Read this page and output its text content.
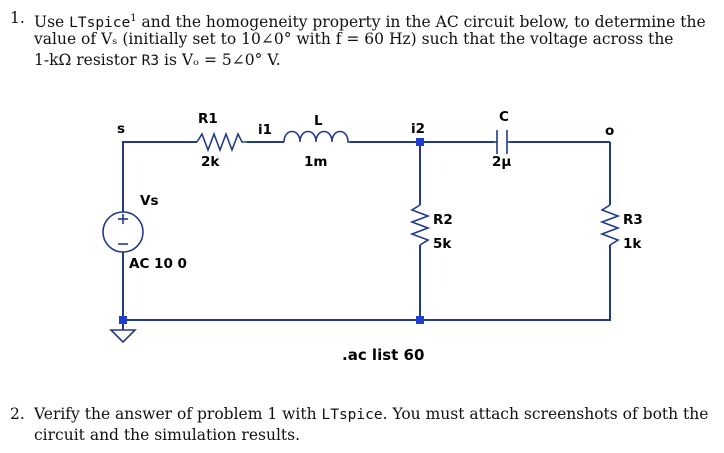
1. Use LTspice$^1$ and the homogeneity property in the AC circuit below, to determine the
value of Vₛ (initially set to 10∠0° with f = 60 Hz) such that the voltage across the
1-kΩ resistor R3 is Vₒ = 5∠0° V.
s
R1
2k
i1
L
1m
i2
C
2μ
o
Vs
AC 10 0
R2
5k
R3
1k
.ac list 60
2. Verify the answer of problem 1 with LTspice. You must attach screenshots of both the
circuit and the simulation results.
